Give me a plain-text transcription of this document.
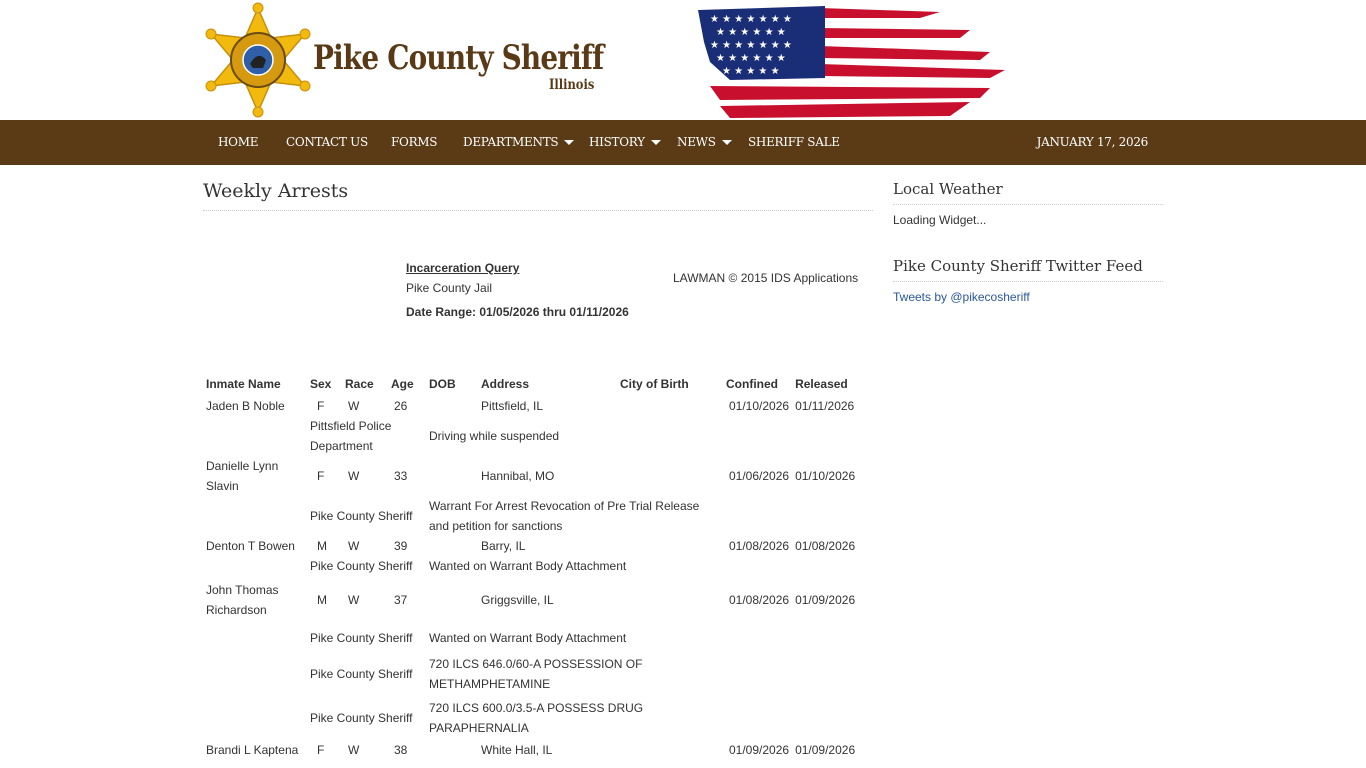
Pike County Sheriff
Illinois
★ ★ ★ ★ ★ ★ ★
★ ★ ★ ★ ★ ★
★ ★ ★ ★ ★ ★ ★
★ ★ ★ ★ ★ ★
★ ★ ★ ★ ★
HOME CONTACT US FORMS DEPARTMENTS	HISTORY	NEWS	SHERIFF SALE	JANUARY 17, 2026
Weekly Arrests
Incarceration Query
Pike County Jail
Date Range: 01/05/2026 thru 01/11/2026
LAWMAN © 2015 IDS Applications
Inmate Name	Sex	Race	Age	DOB	Address	City of Birth	Confined	Released
Jaden B Noble	F	W	26		Pittsfield, IL		01/10/2026	01/11/2026
	Pittsfield Police Department			Driving while suspended				
Danielle Lynn Slavin	F	W	33		Hannibal, MO		01/06/2026	01/10/2026
	Pike County Sheriff			Warrant For Arrest Revocation of Pre Trial Release and petition for sanctions				
Denton T Bowen	M	W	39		Barry, IL		01/08/2026	01/08/2026
	Pike County Sheriff			Wanted on Warrant Body Attachment				
John Thomas Richardson	M	W	37		Griggsville, IL		01/08/2026	01/09/2026
	Pike County Sheriff			Wanted on Warrant Body Attachment				
	Pike County Sheriff			720 ILCS 646.0/60-A POSSESSION OF METHAMPHETAMINE				
	Pike County Sheriff			720 ILCS 600.0/3.5-A POSSESS DRUG PARAPHERNALIA				
Brandi L Kaptena	F	W	38		White Hall, IL		01/09/2026	01/09/2026
Local Weather
Loading Widget...
Pike County Sheriff Twitter Feed
Tweets by @pikecosheriff
